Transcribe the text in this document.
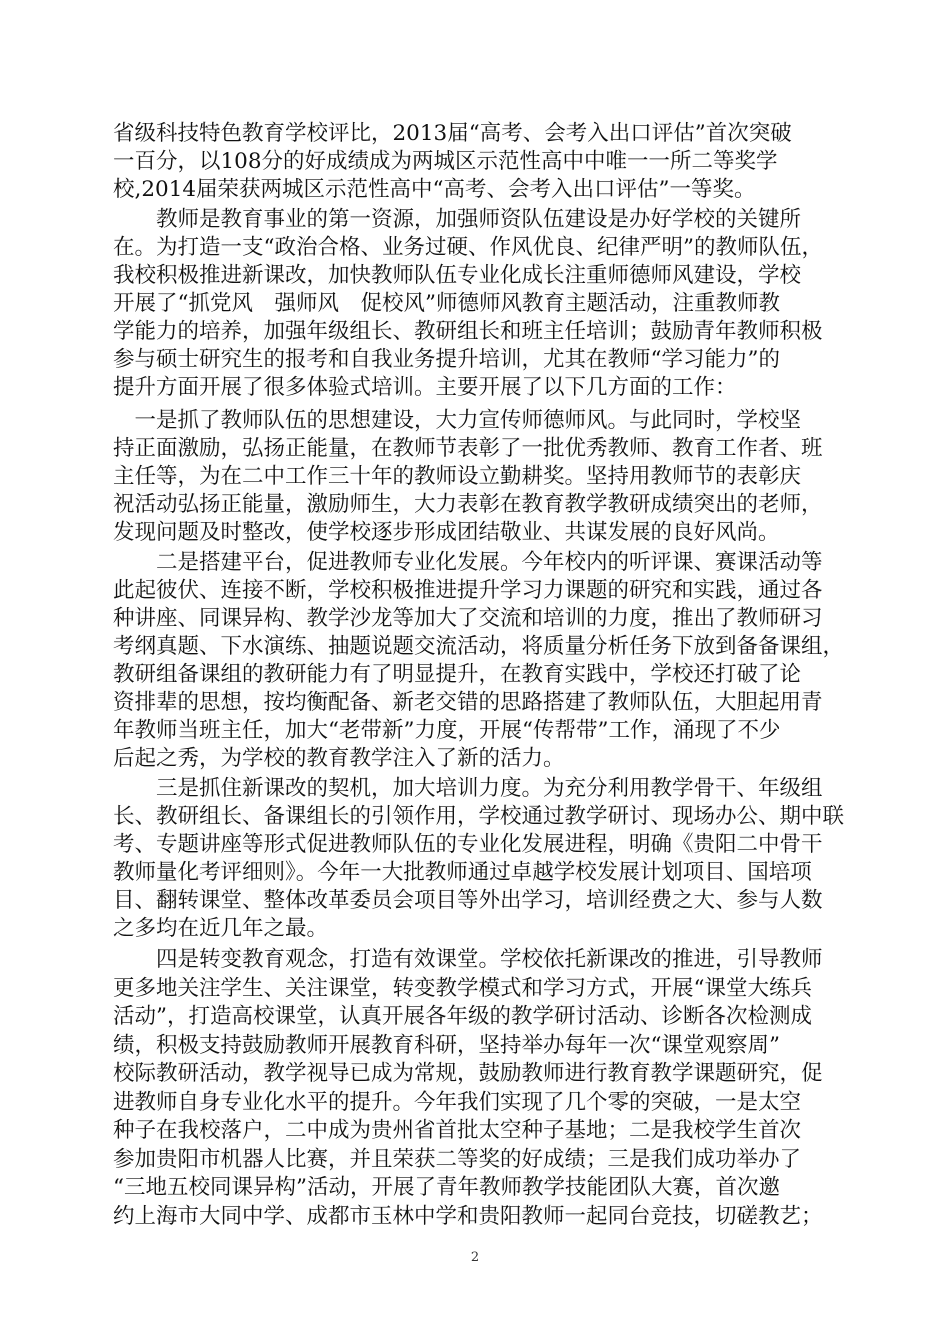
省级科技特色教育学校评比，2013届“高考、会考入出口评估”首次突破
一百分，以108分的好成绩成为两城区示范性高中中唯一一所二等奖学
校,2014届荣获两城区示范性高中“高考、会考入出口评估”一等奖。
　　教师是教育事业的第一资源，加强师资队伍建设是办好学校的关键所
在。为打造一支“政治合格、业务过硬、作风优良、纪律严明”的教师队伍，
我校积极推进新课改，加快教师队伍专业化成长注重师德师风建设，学校
开展了“抓党风　强师风　促校风”师德师风教育主题活动，注重教师教
学能力的培养，加强年级组长、教研组长和班主任培训；鼓励青年教师积极
参与硕士研究生的报考和自我业务提升培训，尤其在教师“学习能力”的
提升方面开展了很多体验式培训。主要开展了以下几方面的工作：
　一是抓了教师队伍的思想建设，大力宣传师德师风。与此同时，学校坚
持正面激励，弘扬正能量，在教师节表彰了一批优秀教师、教育工作者、班
主任等，为在二中工作三十年的教师设立勤耕奖。坚持用教师节的表彰庆
祝活动弘扬正能量，激励师生，大力表彰在教育教学教研成绩突出的老师，
发现问题及时整改，使学校逐步形成团结敬业、共谋发展的良好风尚。
　　二是搭建平台，促进教师专业化发展。今年校内的听评课、赛课活动等
此起彼伏、连接不断，学校积极推进提升学习力课题的研究和实践，通过各
种讲座、同课异构、教学沙龙等加大了交流和培训的力度，推出了教师研习
考纲真题、下水演练、抽题说题交流活动，将质量分析任务下放到备备课组，
教研组备课组的教研能力有了明显提升，在教育实践中，学校还打破了论
资排辈的思想，按均衡配备、新老交错的思路搭建了教师队伍，大胆起用青
年教师当班主任，加大“老带新”力度，开展“传帮带”工作，涌现了不少
后起之秀，为学校的教育教学注入了新的活力。
　　三是抓住新课改的契机，加大培训力度。为充分利用教学骨干、年级组
长、教研组长、备课组长的引领作用，学校通过教学研讨、现场办公、期中联
考、专题讲座等形式促进教师队伍的专业化发展进程，明确《贵阳二中骨干
教师量化考评细则》。今年一大批教师通过卓越学校发展计划项目、国培项
目、翻转课堂、整体改革委员会项目等外出学习，培训经费之大、参与人数
之多均在近几年之最。
　　四是转变教育观念，打造有效课堂。学校依托新课改的推进，引导教师
更多地关注学生、关注课堂，转变教学模式和学习方式，开展“课堂大练兵
活动”，打造高校课堂，认真开展各年级的教学研讨活动、诊断各次检测成
绩，积极支持鼓励教师开展教育科研，坚持举办每年一次“课堂观察周”
校际教研活动，教学视导已成为常规，鼓励教师进行教育教学课题研究，促
进教师自身专业化水平的提升。今年我们实现了几个零的突破，一是太空
种子在我校落户，二中成为贵州省首批太空种子基地；二是我校学生首次
参加贵阳市机器人比赛，并且荣获二等奖的好成绩；三是我们成功举办了
“三地五校同课异构”活动，开展了青年教师教学技能团队大赛，首次邀
约上海市大同中学、成都市玉林中学和贵阳教师一起同台竞技，切磋教艺；
2
